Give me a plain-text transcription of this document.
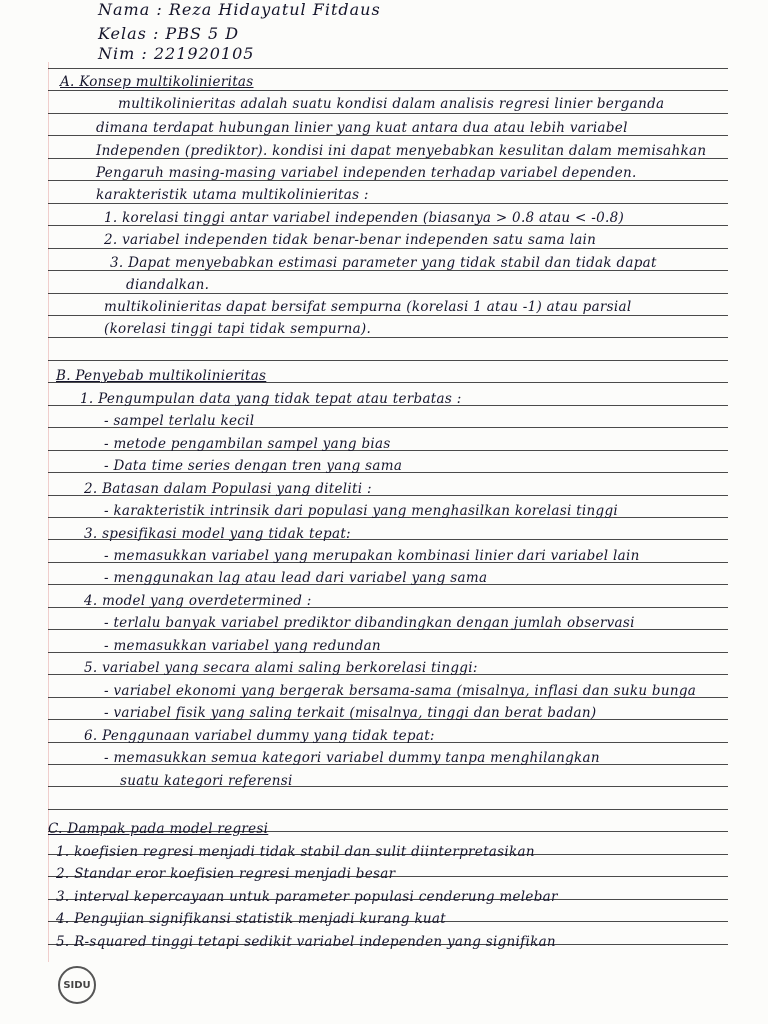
Nama : Reza Hidayatul Fitdaus
Kelas : PBS 5 D
Nim : 221920105
A. Konsep multikolinieritas
multikolinieritas adalah suatu kondisi dalam analisis regresi linier berganda
dimana terdapat hubungan linier yang kuat antara dua atau lebih variabel
Independen (prediktor). kondisi ini dapat menyebabkan kesulitan dalam memisahkan
Pengaruh masing-masing variabel independen terhadap variabel dependen.
karakteristik utama multikolinieritas :
1. korelasi tinggi antar variabel independen (biasanya > 0.8 atau < -0.8)
2. variabel independen tidak benar-benar independen satu sama lain
3. Dapat menyebabkan estimasi parameter yang tidak stabil dan tidak dapat
diandalkan.
multikolinieritas dapat bersifat sempurna (korelasi 1 atau -1) atau parsial
(korelasi tinggi tapi tidak sempurna).
B. Penyebab multikolinieritas
1. Pengumpulan data yang tidak tepat atau terbatas :
- sampel terlalu kecil
- metode pengambilan sampel yang bias
- Data time series dengan tren yang sama
2. Batasan dalam Populasi yang diteliti :
- karakteristik intrinsik dari populasi yang menghasilkan korelasi tinggi
3. spesifikasi model yang tidak tepat:
- memasukkan variabel yang merupakan kombinasi linier dari variabel lain
- menggunakan lag atau lead dari variabel yang sama
4. model yang overdetermined :
- terlalu banyak variabel prediktor dibandingkan dengan jumlah observasi
- memasukkan variabel yang redundan
5. variabel yang secara alami saling berkorelasi tinggi:
- variabel ekonomi yang bergerak bersama-sama (misalnya, inflasi dan suku bunga
- variabel fisik yang saling terkait (misalnya, tinggi dan berat badan)
6. Penggunaan variabel dummy yang tidak tepat:
- memasukkan semua kategori variabel dummy tanpa menghilangkan
suatu kategori referensi
C. Dampak pada model regresi
1. koefisien regresi menjadi tidak stabil dan sulit diinterpretasikan
2. Standar eror koefisien regresi menjadi besar
3. interval kepercayaan untuk parameter populasi cenderung melebar
4. Pengujian signifikansi statistik menjadi kurang kuat
5. R-squared tinggi tetapi sedikit variabel independen yang signifikan
SIDU
